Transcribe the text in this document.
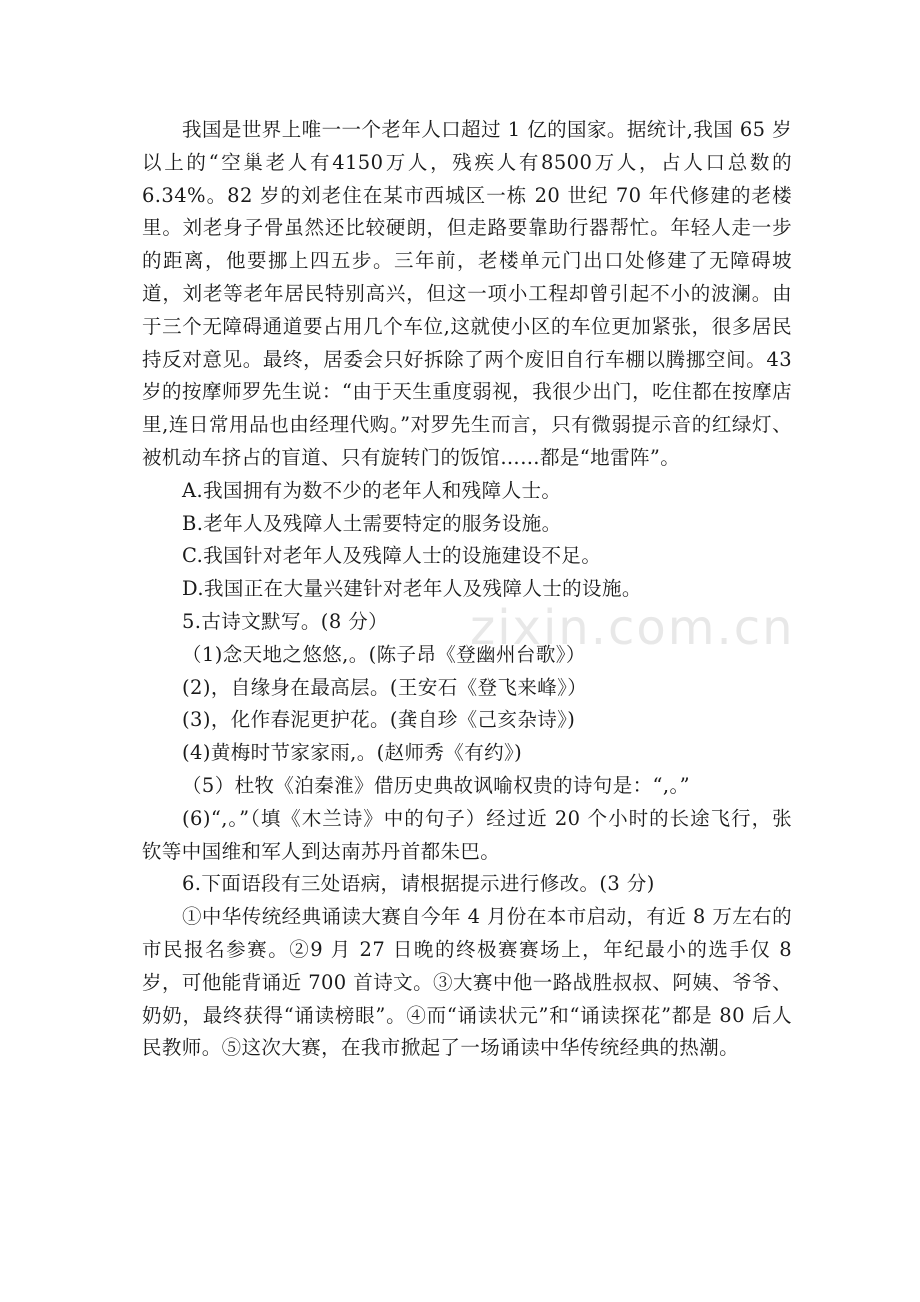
zixin.com.cn

我国是世界上唯一一个老年人口超过 1 亿的国家。据统计,我国 65 岁以上的“空巢老人有4150万人，残疾人有8500万人，占人口总数的 6.34%。82 岁的刘老住在某市西城区一栋 20 世纪 70 年代修建的老楼里。刘老身子骨虽然还比较硬朗，但走路要靠助行器帮忙。年轻人走一步的距离，他要挪上四五步。三年前，老楼单元门出口处修建了无障碍坡道，刘老等老年居民特别高兴，但这一项小工程却曾引起不小的波澜。由于三个无障碍通道要占用几个车位,这就使小区的车位更加紧张，很多居民持反对意见。最终，居委会只好拆除了两个废旧自行车棚以腾挪空间。43 岁的按摩师罗先生说：“由于天生重度弱视，我很少出门，吃住都在按摩店里,连日常用品也由经理代购。”对罗先生而言，只有微弱提示音的红绿灯、被机动车挤占的盲道、只有旋转门的饭馆……都是“地雷阵”。

A.我国拥有为数不少的老年人和残障人士。

B.老年人及残障人土需要特定的服务设施。

C.我国针对老年人及残障人士的设施建设不足。

D.我国正在大量兴建针对老年人及残障人士的设施。

5.古诗文默写。(8 分）

（1)念天地之悠悠,。(陈子昂《登幽州台歌》）

(2)，自缘身在最高层。(王安石《登飞来峰》）

(3)，化作春泥更护花。(龚自珍《己亥杂诗》)

(4)黄梅时节家家雨,。(赵师秀《有约》)

（5）杜牧《泊秦淮》借历史典故讽喻权贵的诗句是：“,。”

(6)“,。”（填《木兰诗》中的句子）经过近 20 个小时的长途飞行，张钦等中国维和军人到达南苏丹首都朱巴。

6.下面语段有三处语病，请根据提示进行修改。(3 分)

①中华传统经典诵读大赛自今年 4 月份在本市启动，有近 8 万左右的市民报名参赛。②9 月 27 日晚的终极赛赛场上，年纪最小的选手仅 8 岁，可他能背诵近 700 首诗文。③大赛中他一路战胜叔叔、阿姨、爷爷、奶奶，最终获得“诵读榜眼”。④而“诵读状元”和“诵读探花”都是 80 后人民教师。⑤这次大赛，在我市掀起了一场诵读中华传统经典的热潮。
